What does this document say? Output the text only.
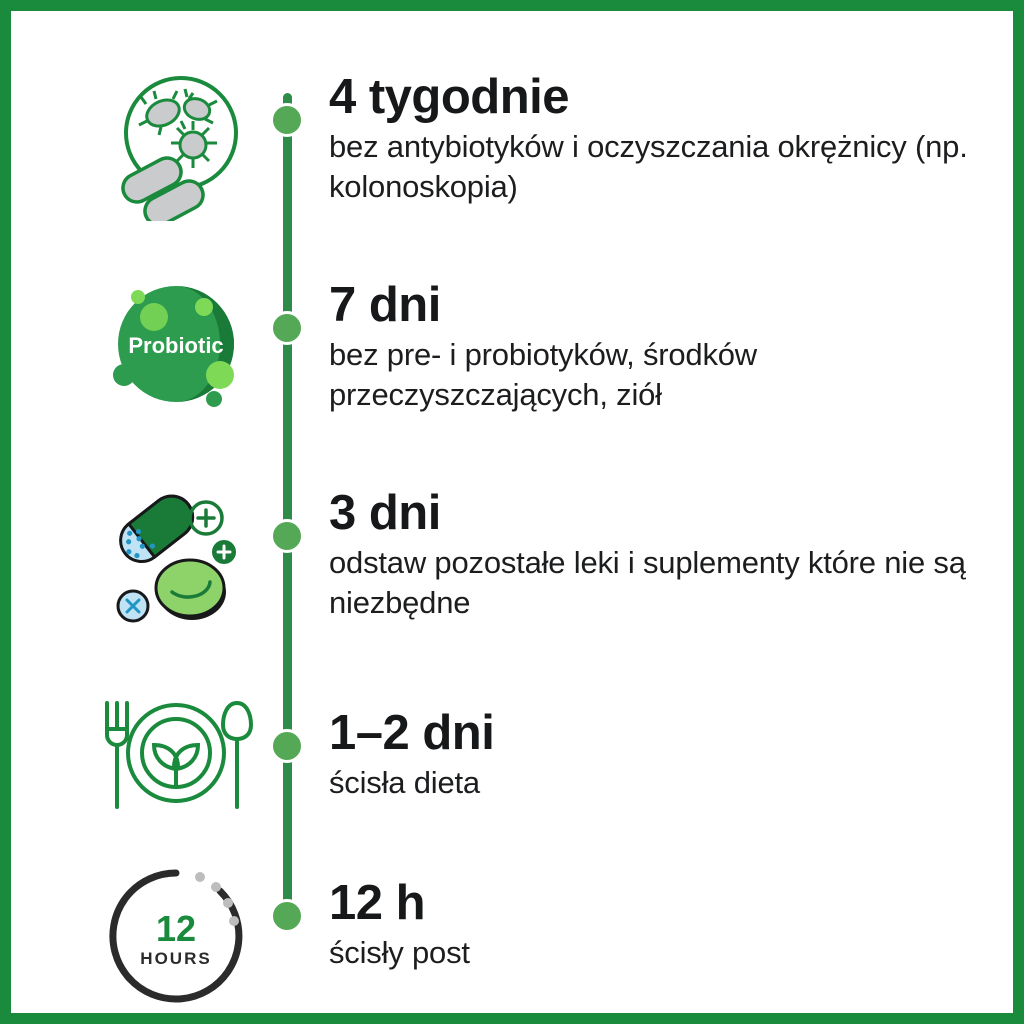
4 tygodnie

bez antybiotyków i oczyszczania okrężnicy (np. kolonoskopia)

Probiotic

7 dni

bez pre- i probiotyków, środków przeczyszczających, ziół

3 dni

odstaw pozostałe leki i suplementy które nie są niezbędne

1–2 dni

ścisła dieta

12
HOURS

12 h

ścisły post
